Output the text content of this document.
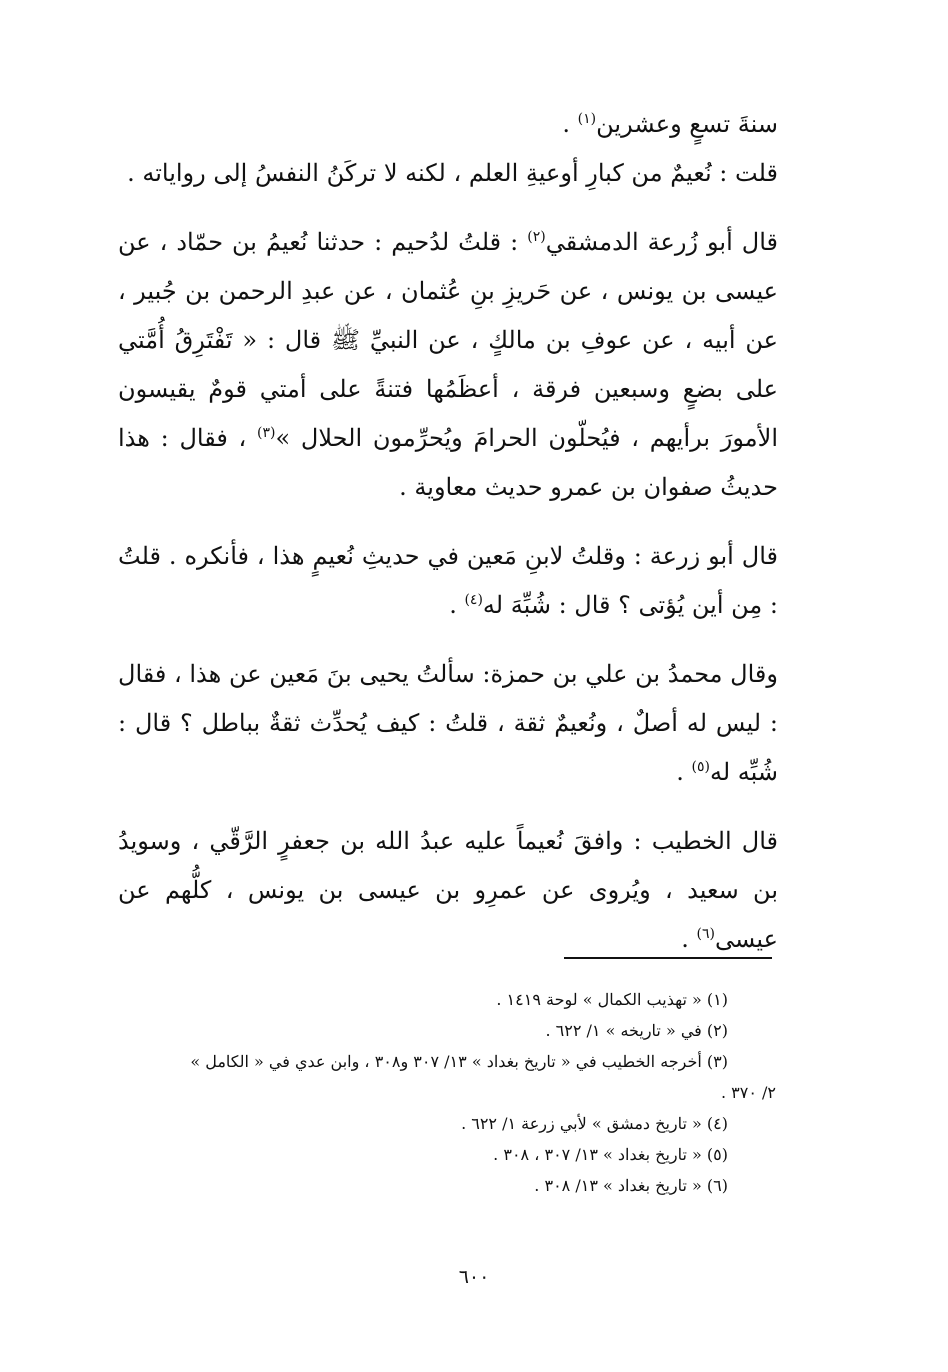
سنةَ تسعٍ وعشرين$^{(١)}$ .

قلت : نُعيمٌ من كبارِ أوعيةِ العلم ، لكنه لا تركَنُ النفسُ إلى رواياته .

قال أبو زُرعة الدمشقي$^{(٢)}$ : قلتُ لدُحيم : حدثنا نُعيمُ بن حمّاد ، عن عيسى بن يونس ، عن حَريزِ بنِ عُثمان ، عن عبدِ الرحمن بن جُبير ، عن أبيه ، عن عوفِ بن مالكٍ ، عن النبيِّ ﷺ قال : « تَفْتَرِقُ أُمَّتي على بضعٍ وسبعين فرقة ، أعظَمُها فتنةً على أمتي قومٌ يقيسون الأمورَ برأيهم ، فيُحلّون الحرامَ ويُحرِّمون الحلال »$^{(٣)}$ ، فقال : هذا حديثُ صفوان بن عمرو حديث معاوية .

قال أبو زرعة : وقلتُ لابنِ مَعين في حديثِ نُعيمٍ هذا ، فأنكره . قلتُ : مِن أين يُؤتى ؟ قال : شُبِّهَ له$^{(٤)}$ .

وقال محمدُ بن علي بن حمزة: سألتُ يحيى بنَ مَعين عن هذا ، فقال : ليس له أصلٌ ، ونُعيمٌ ثقة ، قلتُ : كيف يُحدِّث ثقةٌ بباطل ؟ قال : شُبِّه له$^{(٥)}$ .

قال الخطيب : وافقَ نُعيماً عليه عبدُ الله بن جعفرٍ الرَّقّي ، وسويدُ بن سعيد ، ويُروى عن عمرِو بن عيسى بن يونس ، كلُّهم عن عيسى$^{(٦)}$ .

(١) « تهذيب الكمال » لوحة ١٤١٩ .

(٢) في « تاريخه » ١/ ٦٢٢ .

(٣) أخرجه الخطيب في « تاريخ بغداد » ١٣/ ٣٠٧ و٣٠٨ ، وابن عدي في « الكامل »

٢/ ٣٧٠ .

(٤) « تاريخ دمشق » لأبي زرعة ١/ ٦٢٢ .

(٥) « تاريخ بغداد » ١٣/ ٣٠٧ ، ٣٠٨ .

(٦) « تاريخ بغداد » ١٣/ ٣٠٨ .

٦٠٠
